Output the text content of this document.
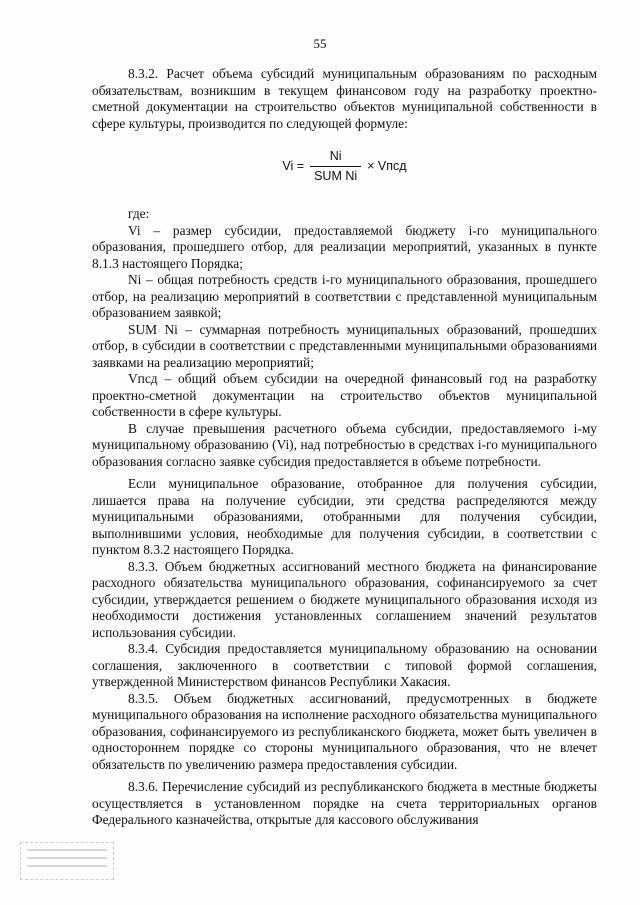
55

8.3.2. Расчет объема субсидий муниципальным образованиям по расходным обязательствам, возникшим в текущем финансовом году на разработку проектно-сметной документации на строительство объектов муниципальной собственности в сфере культуры, производится по следующей формуле:

$Vi = \frac{Ni}{\text{SUM Ni}}$ × Vпсд

где:

Vi – размер субсидии, предоставляемой бюджету i-го муниципального образования, прошедшего отбор, для реализации мероприятий, указанных в пункте 8.1.3 настоящего Порядка;

Ni – общая потребность средств i-го муниципального образования, прошедшего отбор, на реализацию мероприятий в соответствии с представленной муниципальным образованием заявкой;

SUM Ni – суммарная потребность муниципальных образований, прошедших отбор, в субсидии в соответствии с представленными муниципальными образованиями заявками на реализацию мероприятий;

Vпсд – общий объем субсидии на очередной финансовый год на разработку проектно-сметной документации на строительство объектов муниципальной собственности в сфере культуры.

В случае превышения расчетного объема субсидии, предоставляемого i-му муниципальному образованию (Vi), над потребностью в средствах i-го муниципального образования согласно заявке субсидия предоставляется в объеме потребности.

Если муниципальное образование, отобранное для получения субсидии, лишается права на получение субсидии, эти средства распределяются между муниципальными образованиями, отобранными для получения субсидии, выполнившими условия, необходимые для получения субсидии, в соответствии с пунктом 8.3.2 настоящего Порядка.

8.3.3. Объем бюджетных ассигнований местного бюджета на финансирование расходного обязательства муниципального образования, софинансируемого за счет субсидии, утверждается решением о бюджете муниципального образования исходя из необходимости достижения установленных соглашением значений результатов использования субсидии.

8.3.4. Субсидия предоставляется муниципальному образованию на основании соглашения, заключенного в соответствии с типовой формой соглашения, утвержденной Министерством финансов Республики Хакасия.

8.3.5. Объем бюджетных ассигнований, предусмотренных в бюджете муниципального образования на исполнение расходного обязательства муниципального образования, софинансируемого из республиканского бюджета, может быть увеличен в одностороннем порядке со стороны муниципального образования, что не влечет обязательств по увеличению размера предоставления субсидии.

8.3.6. Перечисление субсидий из республиканского бюджета в местные бюджеты осуществляется в установленном порядке на счета территориальных органов Федерального казначейства, открытые для кассового обслуживания
